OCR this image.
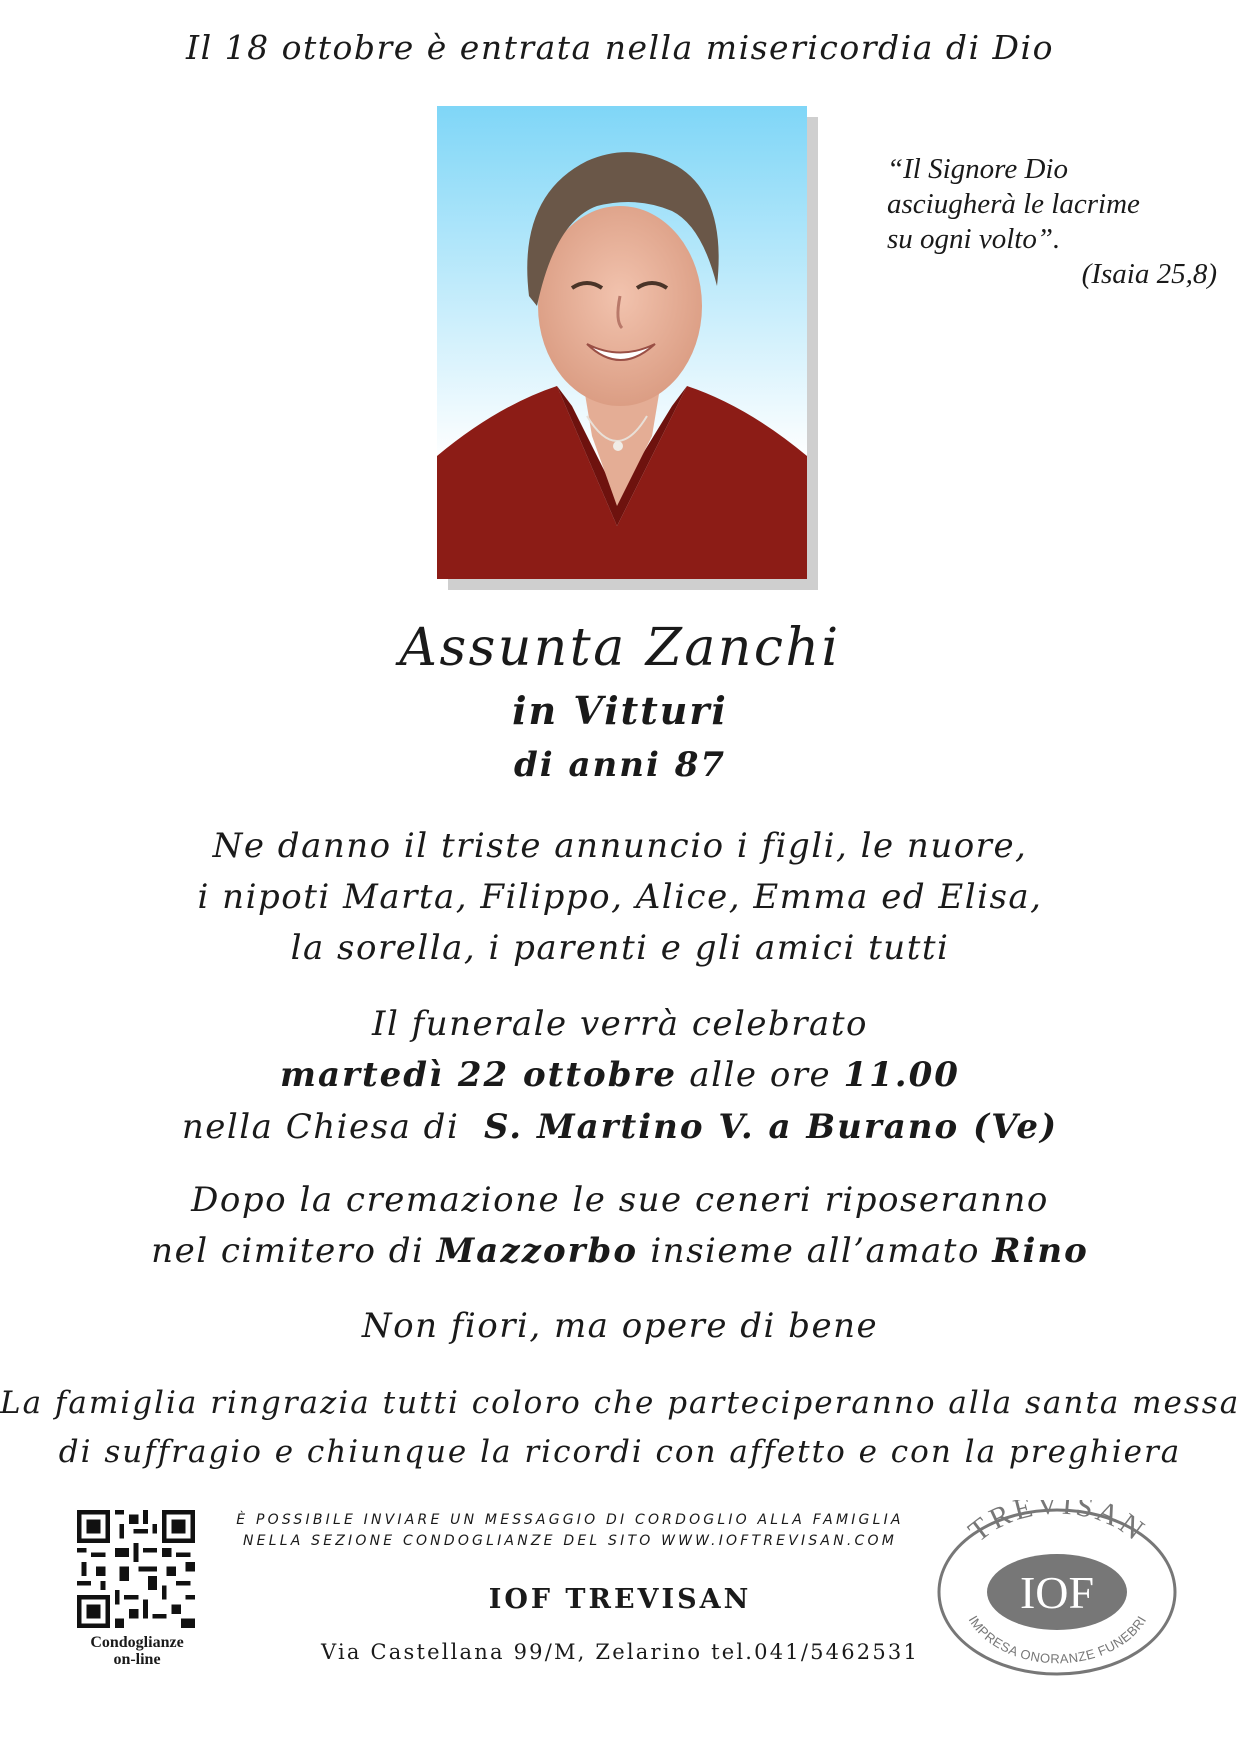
Il 18 ottobre è entrata nella misericordia di Dio
“Il Signore Dio
asciugherà le lacrime
su ogni volto”.

(Isaia 25,8)
Assunta Zanchi
in Vitturi
di anni 87
Ne danno il triste annuncio i figli, le nuore,
i nipoti Marta, Filippo, Alice, Emma ed Elisa,
la sorella, i parenti e gli amici tutti
Il funerale verrà celebrato
martedì 22 ottobre alle ore 11.00
nella Chiesa di S. Martino V. a Burano (Ve)
Dopo la cremazione le sue ceneri riposeranno
nel cimitero di Mazzorbo insieme all’amato Rino
Non fiori, ma opere di bene
La famiglia ringrazia tutti coloro che parteciperanno alla santa messa
di suffragio e chiunque la ricordi con affetto e con la preghiera
Condoglianze
on-line
È POSSIBILE INVIARE UN MESSAGGIO DI CORDOGLIO ALLA FAMIGLIA
NELLA SEZIONE CONDOGLIANZE DEL SITO WWW.IOFTREVISAN.COM
IOF TREVISAN
Via Castellana 99/M, Zelarino tel.041/5462531
TREVISAN
IOF
IMPRESA ONORANZE FUNEBRI
